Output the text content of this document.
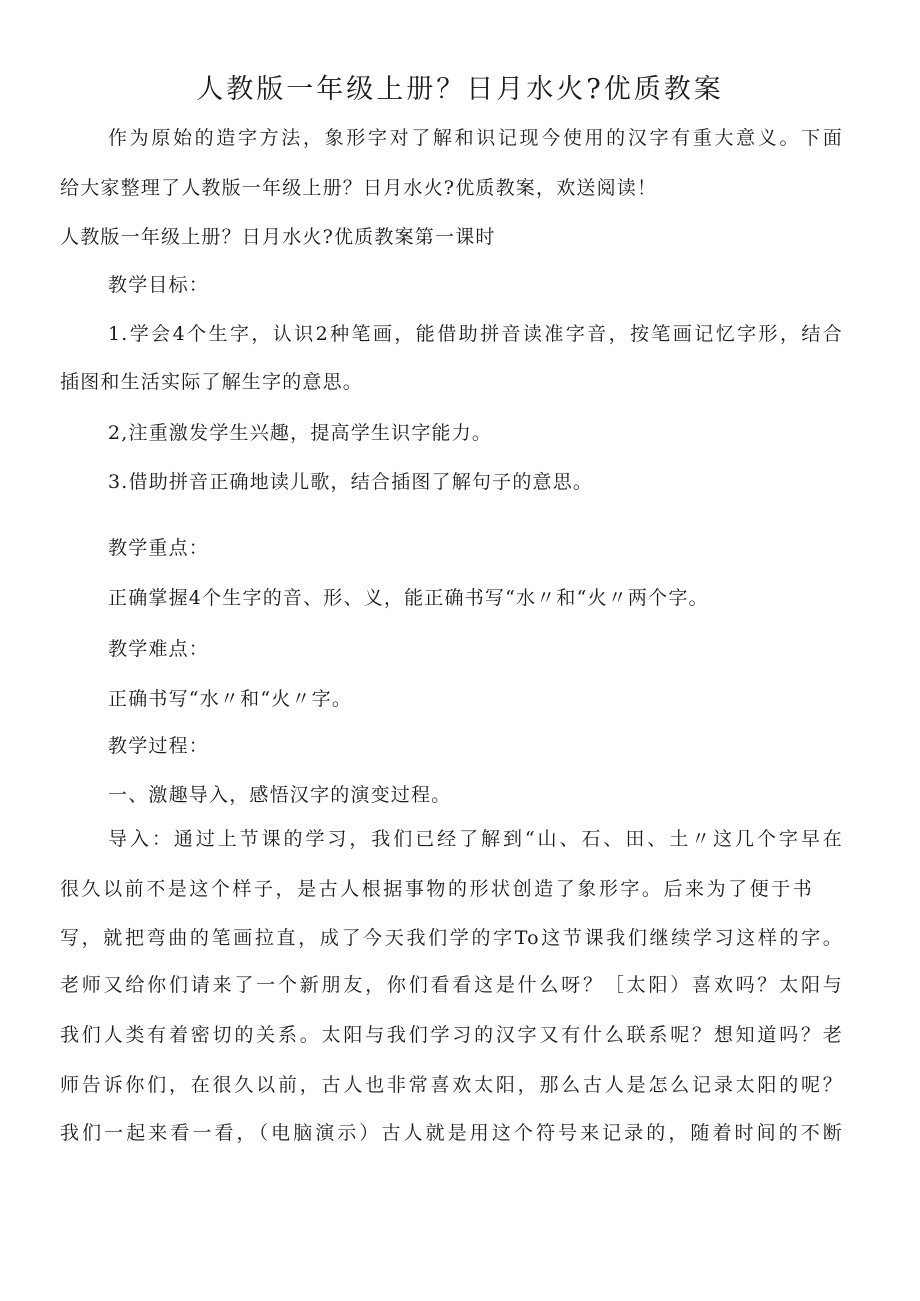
人教版一年级上册？日月水火?优质教案

作为原始的造字方法，象形字对了解和识记现今使用的汉字有重大意义。下面

给大家整理了人教版一年级上册？日月水火?优质教案，欢送阅读！

人教版一年级上册？日月水火?优质教案第一课时

教学目标：

1.学会4个生字，认识2种笔画，能借助拼音读准字音，按笔画记忆字形，结合

插图和生活实际了解生字的意思。

2,注重激发学生兴趣，提高学生识字能力。

3.借助拼音正确地读儿歌，结合插图了解句子的意思。

教学重点：

正确掌握4个生字的音、形、义，能正确书写“水〃和“火〃两个字。

教学难点：

正确书写“水〃和“火〃字。

教学过程：

一、激趣导入，感悟汉字的演变过程。

导入：通过上节课的学习，我们已经了解到“山、石、田、土〃这几个字早在

很久以前不是这个样子，是古人根据事物的形状创造了象形字。后来为了便于书

写，就把弯曲的笔画拉直，成了今天我们学的字To这节课我们继续学习这样的字。

老师又给你们请来了一个新朋友，你们看看这是什么呀？［太阳）喜欢吗？太阳与

我们人类有着密切的关系。太阳与我们学习的汉字又有什么联系呢？想知道吗？老

师告诉你们，在很久以前，古人也非常喜欢太阳，那么古人是怎么记录太阳的呢？

我们一起来看一看，（电脑演示）古人就是用这个符号来记录的，随着时间的不断
